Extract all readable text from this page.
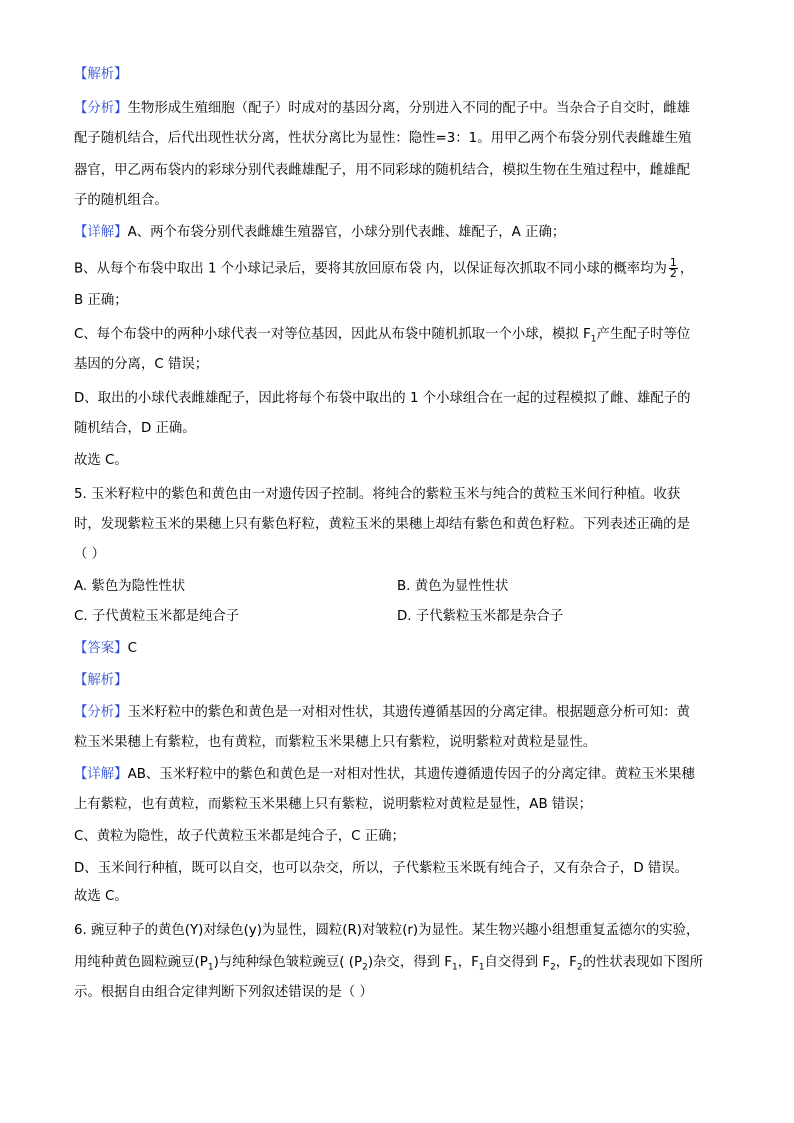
【解析】
【分析】生物形成生殖细胞（配子）时成对的基因分离，分别进入不同的配子中。当杂合子自交时，雌雄
配子随机结合，后代出现性状分离，性状分离比为显性：隐性=3：1。用甲乙两个布袋分别代表雌雄生殖
器官，甲乙两布袋内的彩球分别代表雌雄配子，用不同彩球的随机结合，模拟生物在生殖过程中，雌雄配
子的随机组合。
【详解】A、两个布袋分别代表雌雄生殖器官，小球分别代表雌、雄配子，A 正确；
B、从每个布袋中取出 1 个小球记录后，要将其放回原布袋 内，以保证每次抓取不同小球的概率均为 $\frac{1}{2}$ ，
B 正确；
C、每个布袋中的两种小球代表一对等位基因，因此从布袋中随机抓取一个小球，模拟 $F_1$产生配子时等位
基因的分离，C 错误；
D、取出的小球代表雌雄配子，因此将每个布袋中取出的 1 个小球组合在一起的过程模拟了雌、雄配子的
随机结合，D 正确。
故选 C。
5. 玉米籽粒中的紫色和黄色由一对遗传因子控制。将纯合的紫粒玉米与纯合的黄粒玉米间行种植。收获
时，发现紫粒玉米的果穗上只有紫色籽粒，黄粒玉米的果穗上却结有紫色和黄色籽粒。下列表述正确的是
（ ）
A. 紫色为隐性性状	B. 黄色为显性性状
C. 子代黄粒玉米都是纯合子	D. 子代紫粒玉米都是杂合子
【答案】C
【解析】
【分析】玉米籽粒中的紫色和黄色是一对相对性状，其遗传遵循基因的分离定律。根据题意分析可知：黄
粒玉米果穗上有紫粒，也有黄粒，而紫粒玉米果穗上只有紫粒，说明紫粒对黄粒是显性。
【详解】AB、玉米籽粒中的紫色和黄色是一对相对性状，其遗传遵循遗传因子的分离定律。黄粒玉米果穗
上有紫粒，也有黄粒，而紫粒玉米果穗上只有紫粒，说明紫粒对黄粒是显性，AB 错误；
C、黄粒为隐性，故子代黄粒玉米都是纯合子，C 正确；
D、玉米间行种植，既可以自交，也可以杂交，所以，子代紫粒玉米既有纯合子，又有杂合子，D 错误。
故选 C。
6. 豌豆种子的黄色(Y)对绿色(y)为显性，圆粒(R)对皱粒(r)为显性。某生物兴趣小组想重复孟德尔的实验，
用纯种黄色圆粒豌豆$(P_1)$与纯种绿色皱粒豌豆( $(P_2)$杂交，得到 $F_1$，$F_1$自交得到 $F_2$，$F_2$的性状表现如下图所
示。根据自由组合定律判断下列叙述错误的是（ ）
